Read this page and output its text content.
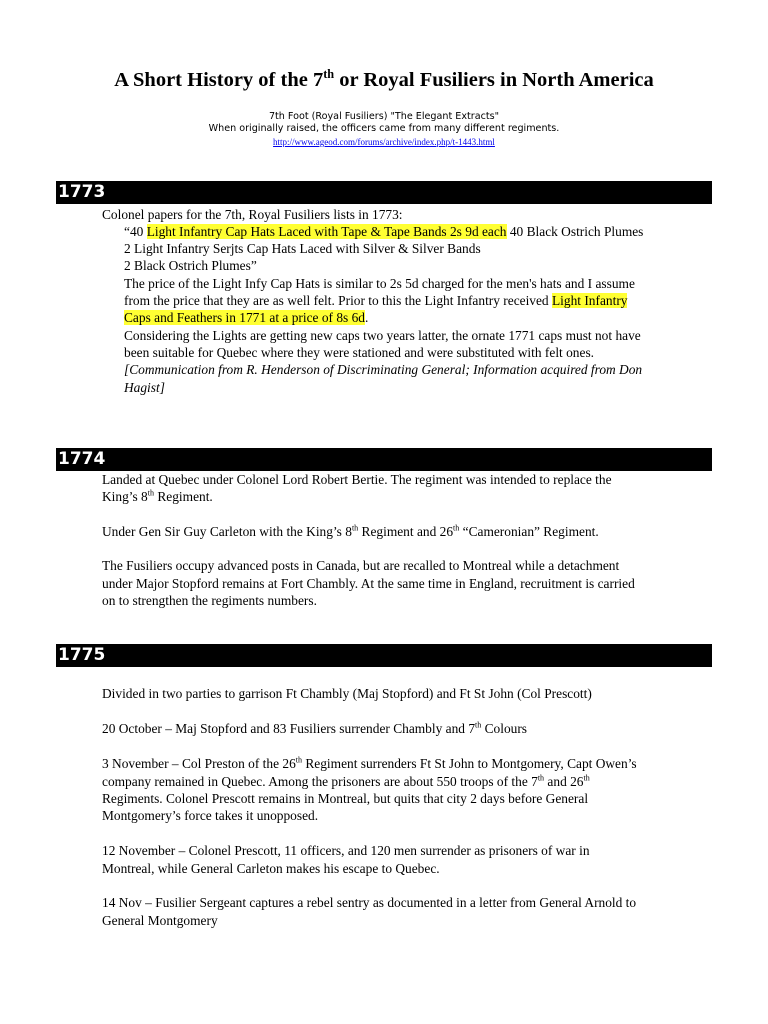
A Short History of the 7th or Royal Fusiliers in North America
7th Foot (Royal Fusiliers) "The Elegant Extracts"
When originally raised, the officers came from many different regiments.
http://www.ageod.com/forums/archive/index.php/t-1443.html
1773
Colonel papers for the 7th, Royal Fusiliers lists in 1773:
“40 Light Infantry Cap Hats Laced with Tape & Tape Bands 2s 9d each 40 Black Ostrich Plumes
2 Light Infantry Serjts Cap Hats Laced with Silver & Silver Bands
2 Black Ostrich Plumes”
The price of the Light Infy Cap Hats is similar to 2s 5d charged for the men's hats and I assume
from the price that they are as well felt. Prior to this the Light Infantry received Light Infantry
Caps and Feathers in 1771 at a price of 8s 6d.
Considering the Lights are getting new caps two years latter, the ornate 1771 caps must not have
been suitable for Quebec where they were stationed and were substituted with felt ones.
[Communication from R. Henderson of Discriminating General; Information acquired from Don
Hagist]
1774
Landed at Quebec under Colonel Lord Robert Bertie. The regiment was intended to replace the
King’s 8th Regiment.
Under Gen Sir Guy Carleton with the King’s 8th Regiment and 26th “Cameronian” Regiment.
The Fusiliers occupy advanced posts in Canada, but are recalled to Montreal while a detachment
under Major Stopford remains at Fort Chambly. At the same time in England, recruitment is carried
on to strengthen the regiments numbers.
1775
Divided in two parties to garrison Ft Chambly (Maj Stopford) and Ft St John (Col Prescott)
20 October – Maj Stopford and 83 Fusiliers surrender Chambly and 7th Colours
3 November – Col Preston of the 26th Regiment surrenders Ft St John to Montgomery, Capt Owen’s
company remained in Quebec. Among the prisoners are about 550 troops of the 7th and 26th
Regiments. Colonel Prescott remains in Montreal, but quits that city 2 days before General
Montgomery’s force takes it unopposed.
12 November – Colonel Prescott, 11 officers, and 120 men surrender as prisoners of war in
Montreal, while General Carleton makes his escape to Quebec.
14 Nov – Fusilier Sergeant captures a rebel sentry as documented in a letter from General Arnold to
General Montgomery
